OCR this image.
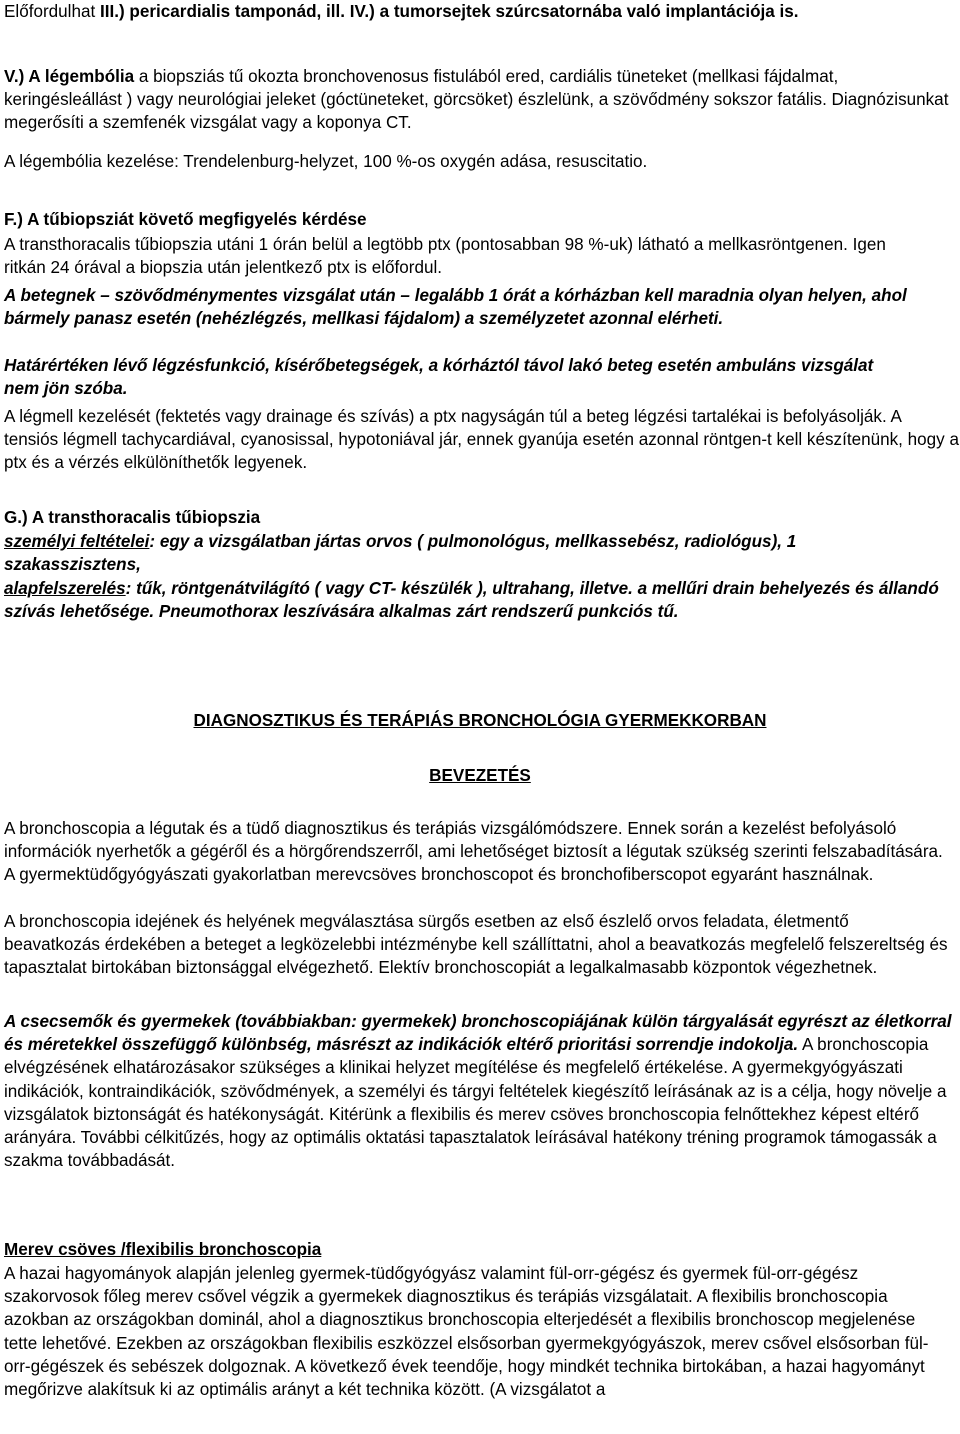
Előfordulhat III.) pericardialis tamponád, ill. IV.) a tumorsejtek szúrcsatornába való implantációja is.

V.) A légembólia a biopsziás tű okozta bronchovenosus fistulából ered, cardiális tüneteket (mellkasi fájdalmat, keringésleállást ) vagy neurológiai jeleket (góctüneteket, görcsöket) észlelünk, a szövődmény sokszor fatális. Diagnózisunkat megerősíti a szemfenék vizsgálat vagy a koponya CT.

A légembólia kezelése: Trendelenburg-helyzet, 100 %-os oxygén adása, resuscitatio.

F.) A tűbiopsziát követő megfigyelés kérdése

A transthoracalis tűbiopszia utáni 1 órán belül a legtöbb ptx (pontosabban 98 %-uk) látható a mellkasröntgenen. Igen ritkán 24 órával a biopszia után jelentkező ptx is előfordul.

A betegnek – szövődménymentes vizsgálat után – legalább 1 órát a kórházban kell maradnia olyan helyen, ahol bármely panasz esetén (nehézlégzés, mellkasi fájdalom) a személyzetet azonnal elérheti.

Határértéken lévő légzésfunkció, kísérőbetegségek, a kórháztól távol lakó beteg esetén ambuláns vizsgálat nem jön szóba.

A légmell kezelését (fektetés vagy drainage és szívás) a ptx nagyságán túl a beteg légzési tartalékai is befolyásolják. A tensiós légmell tachycardiával, cyanosissal, hypotoniával jár, ennek gyanúja esetén azonnal röntgen-t kell készítenünk, hogy a ptx és a vérzés elkülöníthetők legyenek.

G.) A transthoracalis tűbiopszia

személyi feltételei: egy a vizsgálatban jártas orvos ( pulmonológus, mellkassebész, radiológus), 1 szakasszisztens,

alapfelszerelés: tűk, röntgenátvilágító ( vagy CT- készülék ), ultrahang, illetve. a mellűri drain behelyezés és állandó szívás lehetősége. Pneumothorax leszívására alkalmas zárt rendszerű punkciós tű.

DIAGNOSZTIKUS ÉS TERÁPIÁS BRONCHOLÓGIA GYERMEKKORBAN

BEVEZETÉS

A bronchoscopia a légutak és a tüdő diagnosztikus és terápiás vizsgálómódszere. Ennek során a kezelést befolyásoló információk nyerhetők a gégéről és a hörgőrendszerről, ami lehetőséget biztosít a légutak szükség szerinti felszabadítására. A gyermektüdőgyógyászati gyakorlatban merevcsöves bronchoscopot és bronchofiberscopot egyaránt használnak.

A bronchoscopia idejének és helyének megválasztása sürgős esetben az első észlelő orvos feladata, életmentő beavatkozás érdekében a beteget a legközelebbi intézménybe kell szállíttatni, ahol a beavatkozás megfelelő felszereltség és tapasztalat birtokában biztonsággal elvégezhető. Elektív bronchoscopiát a legalkalmasabb központok végezhetnek.

A csecsemők és gyermekek (továbbiakban: gyermekek) bronchoscopiájának külön tárgyalását egyrészt az életkorral és méretekkel összefüggő különbség, másrészt az indikációk eltérő prioritási sorrendje indokolja. A bronchoscopia elvégzésének elhatározásakor szükséges a klinikai helyzet megítélése és megfelelő értékelése. A gyermekgyógyászati indikációk, kontraindikációk, szövődmények, a személyi és tárgyi feltételek kiegészítő leírásának az is a célja, hogy növelje a vizsgálatok biztonságát és hatékonyságát. Kitérünk a flexibilis és merev csöves bronchoscopia felnőttekhez képest eltérő arányára. További célkitűzés, hogy az optimális oktatási tapasztalatok leírásával hatékony tréning programok támogassák a szakma továbbadását.

Merev csöves /flexibilis bronchoscopia

A hazai hagyományok alapján jelenleg gyermek-tüdőgyógyász valamint fül-orr-gégész és gyermek fül-orr-gégész szakorvosok főleg merev csővel végzik a gyermekek diagnosztikus és terápiás vizsgálatait. A flexibilis bronchoscopia azokban az országokban dominál, ahol a diagnosztikus bronchoscopia elterjedését a flexibilis bronchoscop megjelenése tette lehetővé. Ezekben az országokban flexibilis eszközzel elsősorban gyermekgyógyászok, merev csővel elsősorban fül-orr-gégészek és sebészek dolgoznak. A következő évek teendője, hogy mindkét technika birtokában, a hazai hagyományt megőrizve alakítsuk ki az optimális arányt a két technika között. (A vizsgálatot a
